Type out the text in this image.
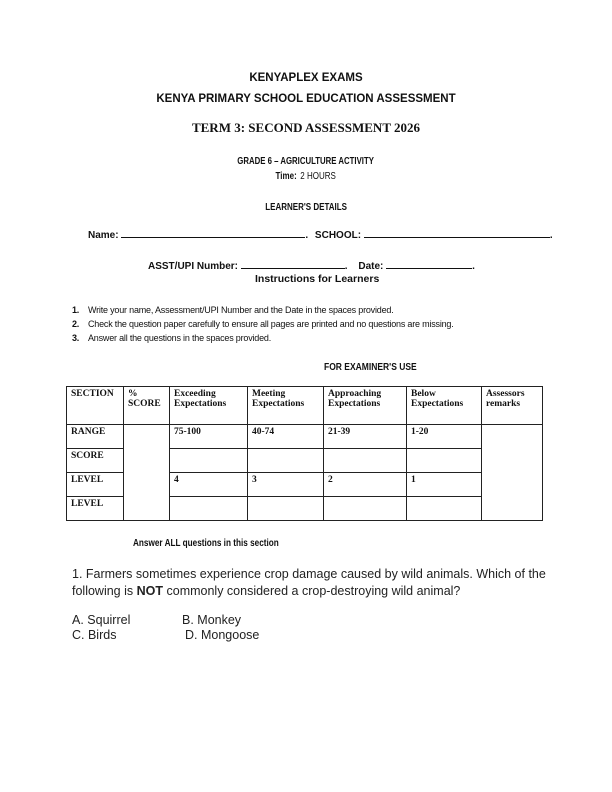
KENYAPLEX EXAMS
KENYA PRIMARY SCHOOL EDUCATION ASSESSMENT
TERM 3: SECOND ASSESSMENT 2026
GRADE 6 – AGRICULTURE ACTIVITY
Time: 2 HOURS
LEARNER'S DETAILS
Name:	. SCHOOL:	.
ASST/UPI Number:	. Date:	.
Instructions for Learners
1. Write your name, Assessment/UPI Number and the Date in the spaces provided.
2. Check the question paper carefully to ensure all pages are printed and no questions are missing.
3. Answer all the questions in the spaces provided.
FOR EXAMINER'S USE
SECTION	% SCORE	Exceeding Expectations	Meeting Expectations	Approaching Expectations	Below Expectations	Assessors remarks
RANGE		75-100	40-74	21-39	1-20	
SCORE						
LEVEL		4	3	2	1	
LEVEL						
Answer ALL questions in this section
1. Farmers sometimes experience crop damage caused by wild animals. Which of the following is NOT commonly considered a crop-destroying wild animal?
A. Squirrel	B. Monkey
C. Birds	D. Mongoose
